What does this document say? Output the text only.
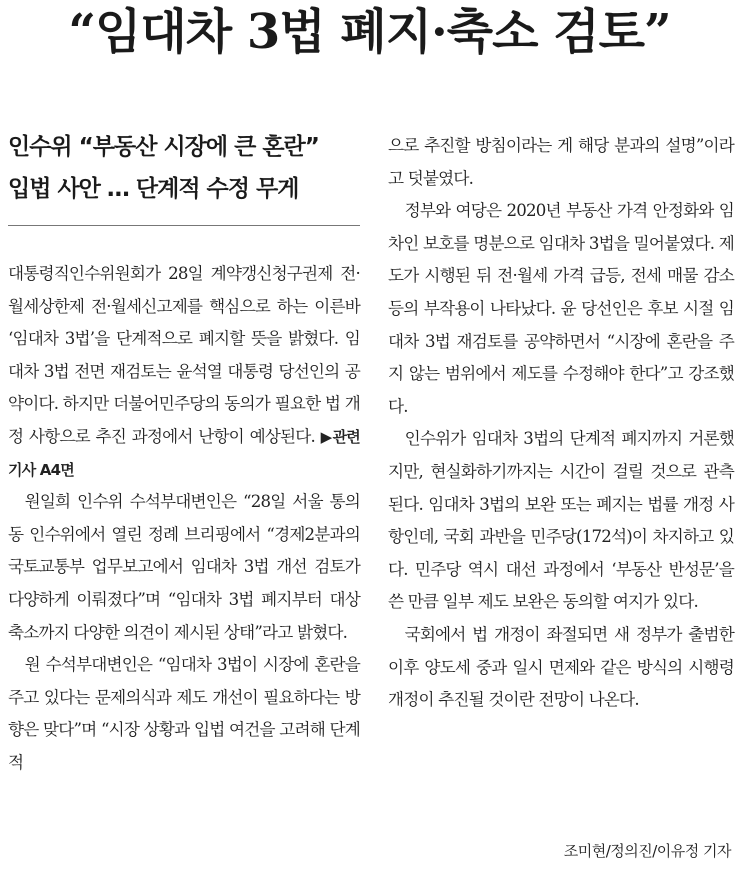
“임대차 3법 폐지·축소 검토”
인수위 “부동산 시장에 큰 혼란”
입법 사안 … 단계적 수정 무게

대통령직인수위원회가 28일 계약갱신청구권제 전·월세상한제 전·월세신고제를 핵심으로 하는 이른바 ‘임대차 3법’을 단계적으로 폐지할 뜻을 밝혔다. 임대차 3법 전면 재검토는 윤석열 대통령 당선인의 공약이다. 하지만 더불어민주당의 동의가 필요한 법 개정 사항으로 추진 과정에서 난항이 예상된다. ▶관련기사 A4면

원일희 인수위 수석부대변인은 “28일 서울 통의동 인수위에서 열린 정례 브리핑에서 “경제2분과의 국토교통부 업무보고에서 임대차 3법 개선 검토가 다양하게 이뤄졌다”며 “임대차 3법 폐지부터 대상 축소까지 다양한 의견이 제시된 상태”라고 밝혔다.

원 수석부대변인은 “임대차 3법이 시장에 혼란을 주고 있다는 문제의식과 제도 개선이 필요하다는 방향은 맞다”며 “시장 상황과 입법 여건을 고려해 단계적

으로 추진할 방침이라는 게 해당 분과의 설명”이라고 덧붙였다.

정부와 여당은 2020년 부동산 가격 안정화와 임차인 보호를 명분으로 임대차 3법을 밀어붙였다. 제도가 시행된 뒤 전·월세 가격 급등, 전세 매물 감소 등의 부작용이 나타났다. 윤 당선인은 후보 시절 임대차 3법 재검토를 공약하면서 “시장에 혼란을 주지 않는 범위에서 제도를 수정해야 한다”고 강조했다.

인수위가 임대차 3법의 단계적 폐지까지 거론했지만, 현실화하기까지는 시간이 걸릴 것으로 관측된다. 임대차 3법의 보완 또는 폐지는 법률 개정 사항인데, 국회 과반을 민주당(172석)이 차지하고 있다. 민주당 역시 대선 과정에서 ‘부동산 반성문’을 쓴 만큼 일부 제도 보완은 동의할 여지가 있다.

국회에서 법 개정이 좌절되면 새 정부가 출범한 이후 양도세 중과 일시 면제와 같은 방식의 시행령 개정이 추진될 것이란 전망이 나온다.

조미현/정의진/이유정 기자
